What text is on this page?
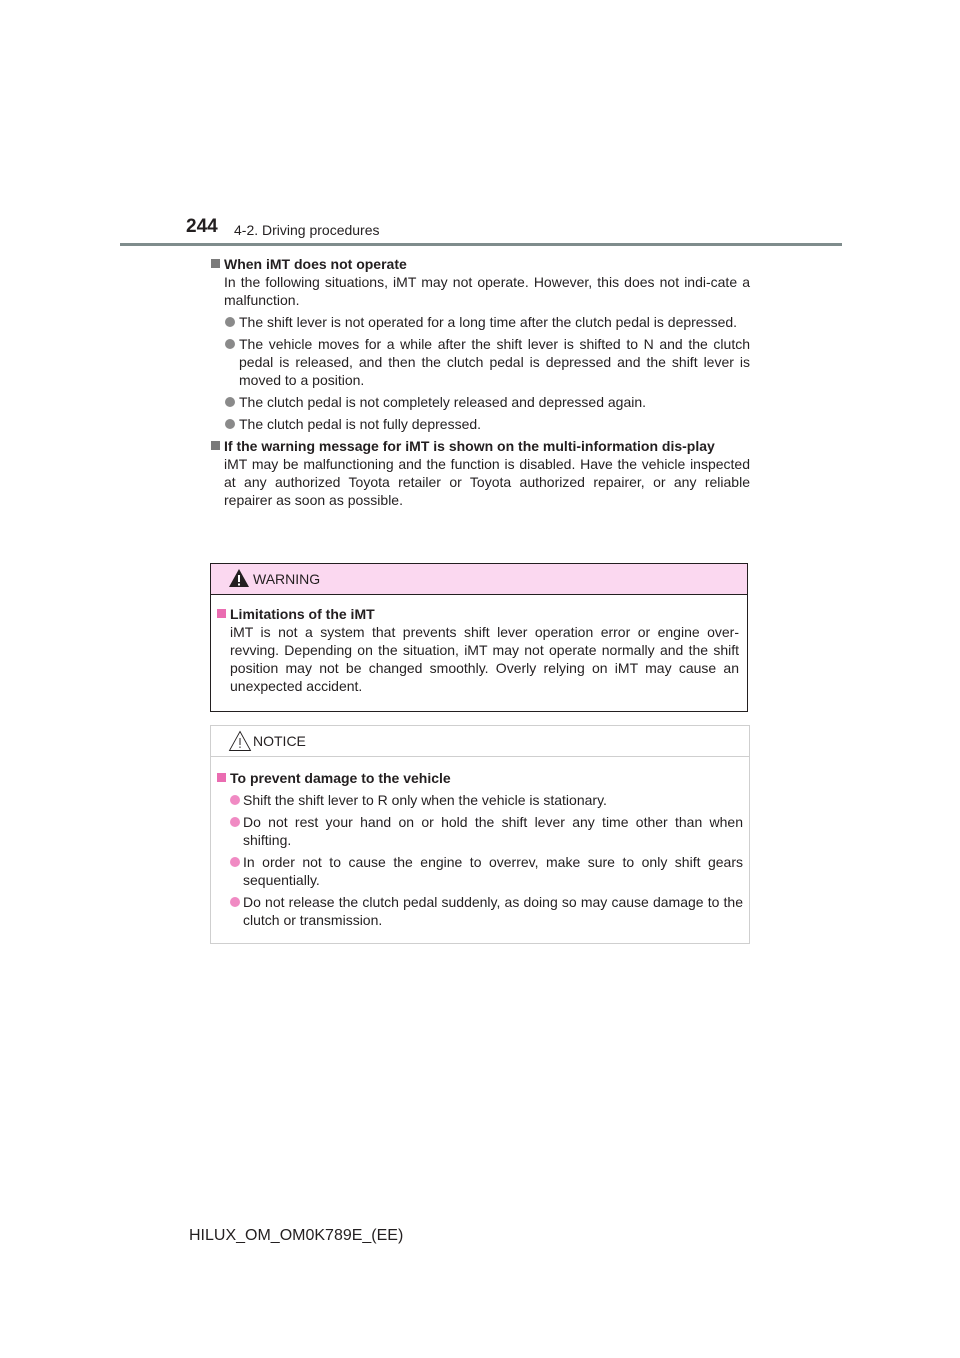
244 4-2. Driving procedures
When iMT does not operate
In the following situations, iMT may not operate. However, this does not indi-cate a malfunction.
The shift lever is not operated for a long time after the clutch pedal is depressed.
The vehicle moves for a while after the shift lever is shifted to N and the clutch pedal is released, and then the clutch pedal is depressed and the shift lever is moved to a position.
The clutch pedal is not completely released and depressed again.
The clutch pedal is not fully depressed.
If the warning message for iMT is shown on the multi-information dis-play
iMT may be malfunctioning and the function is disabled. Have the vehicle inspected at any authorized Toyota retailer or Toyota authorized repairer, or any reliable repairer as soon as possible.
WARNING
Limitations of the iMT
iMT is not a system that prevents shift lever operation error or engine over-revving. Depending on the situation, iMT may not operate normally and the shift position may not be changed smoothly. Overly relying on iMT may cause an unexpected accident.
NOTICE
To prevent damage to the vehicle
Shift the shift lever to R only when the vehicle is stationary.
Do not rest your hand on or hold the shift lever any time other than when shifting.
In order not to cause the engine to overrev, make sure to only shift gears sequentially.
Do not release the clutch pedal suddenly, as doing so may cause damage to the clutch or transmission.
HILUX_OM_OM0K789E_(EE)
